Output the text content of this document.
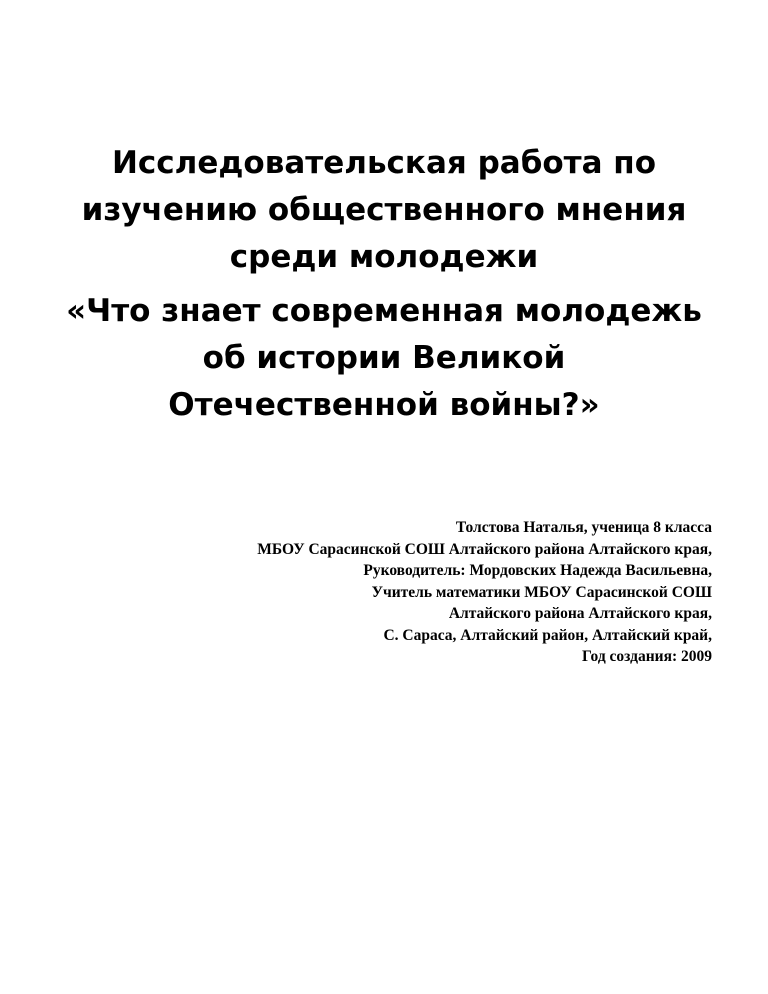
Исследовательская работа по
изучению общественного мнения
среди молодежи
«Что знает современная молодежь
об истории Великой
Отечественной войны?»
Толстова Наталья, ученица 8 класса
МБОУ Сарасинской СОШ Алтайского района Алтайского края,
Руководитель: Мордовских Надежда Васильевна,
Учитель математики МБОУ Сарасинской СОШ
Алтайского района Алтайского края,
С. Сараса, Алтайский район, Алтайский край,
Год создания: 2009
